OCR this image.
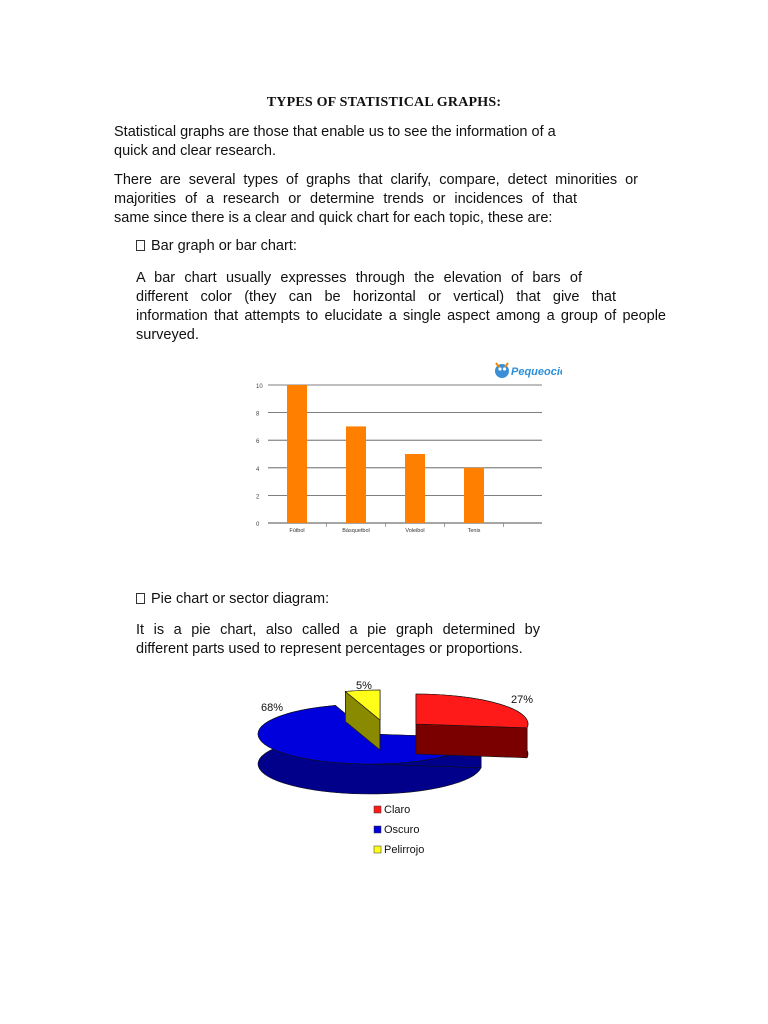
TYPES OF STATISTICAL GRAPHS:
Statistical graphs are those that enable us to see the information of a
quick and clear research.
There are several types of graphs that clarify, compare, detect minorities or
majorities of a research or determine trends or incidences of that
same since there is a clear and quick chart for each topic, these are:
Bar graph or bar chart:
A bar chart usually expresses through the elevation of bars of
different color (they can be horizontal or vertical) that give that
information that attempts to elucidate a single aspect among a group of people
surveyed.
Pequeocio
0
2
4
6
8
10
Fútbol	Básquetbol	Voleibol	Tenis
Pie chart or sector diagram:
It is a pie chart, also called a pie graph determined by
different parts used to represent percentages or proportions.
27%
68%
5%
Claro
Oscuro
Pelirrojo
